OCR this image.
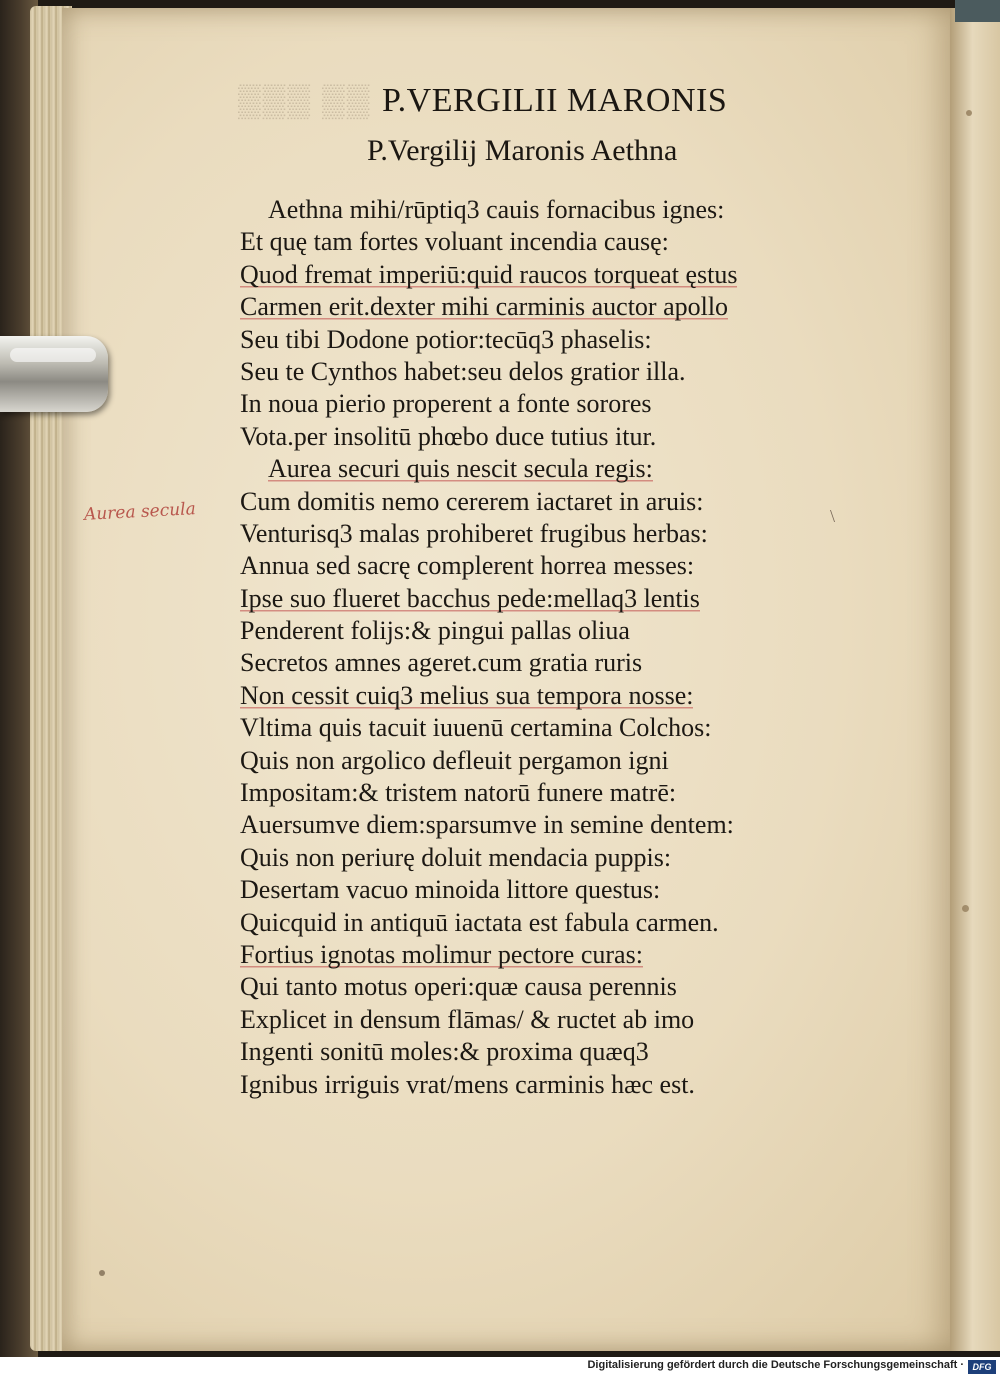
▒▒▒ ▒▒ P.VERGILII MARONIS
P.Vergilij Maronis Aethna
Aethna mihi/rūptiq3 cauis fornacibus ignes:
Et quę tam fortes voluant incendia causę:
Quod fremat imperiū:quid raucos torqueat ęstus
Carmen erit.dexter mihi carminis auctor apollo
Seu tibi Dodone potior:tecūq3 phaselis:
Seu te Cynthos habet:seu delos gratior illa.
In noua pierio properent a fonte sorores
Vota.per insolitū phœbo duce tutius itur.
Aurea securi quis nescit secula regis:
Cum domitis nemo cererem iactaret in aruis:
Venturisq3 malas prohiberet frugibus herbas:
Annua sed sacrę complerent horrea messes:
Ipse suo flueret bacchus pede:mellaq3 lentis
Penderent folijs:& pingui pallas oliua
Secretos amnes ageret.cum gratia ruris
Non cessit cuiq3 melius sua tempora nosse:
Vltima quis tacuit iuuenū certamina Colchos:
Quis non argolico defleuit pergamon igni
Impositam:& tristem natorū funere matrē:
Auersumve diem:sparsumve in semine dentem:
Quis non periurę doluit mendacia puppis:
Desertam vacuo minoida littore questus:
Quicquid in antiquū iactata est fabula carmen.
Fortius ignotas molimur pectore curas:
Qui tanto motus operi:quæ causa perennis
Explicet in densum flāmas/ & ructet ab imo
Ingenti sonitū moles:& proxima quæq3
Ignibus irriguis vrat/mens carminis hæc est.
Aurea secula	\
Digitalisierung gefördert durch die Deutsche Forschungsgemeinschaft · DFG
